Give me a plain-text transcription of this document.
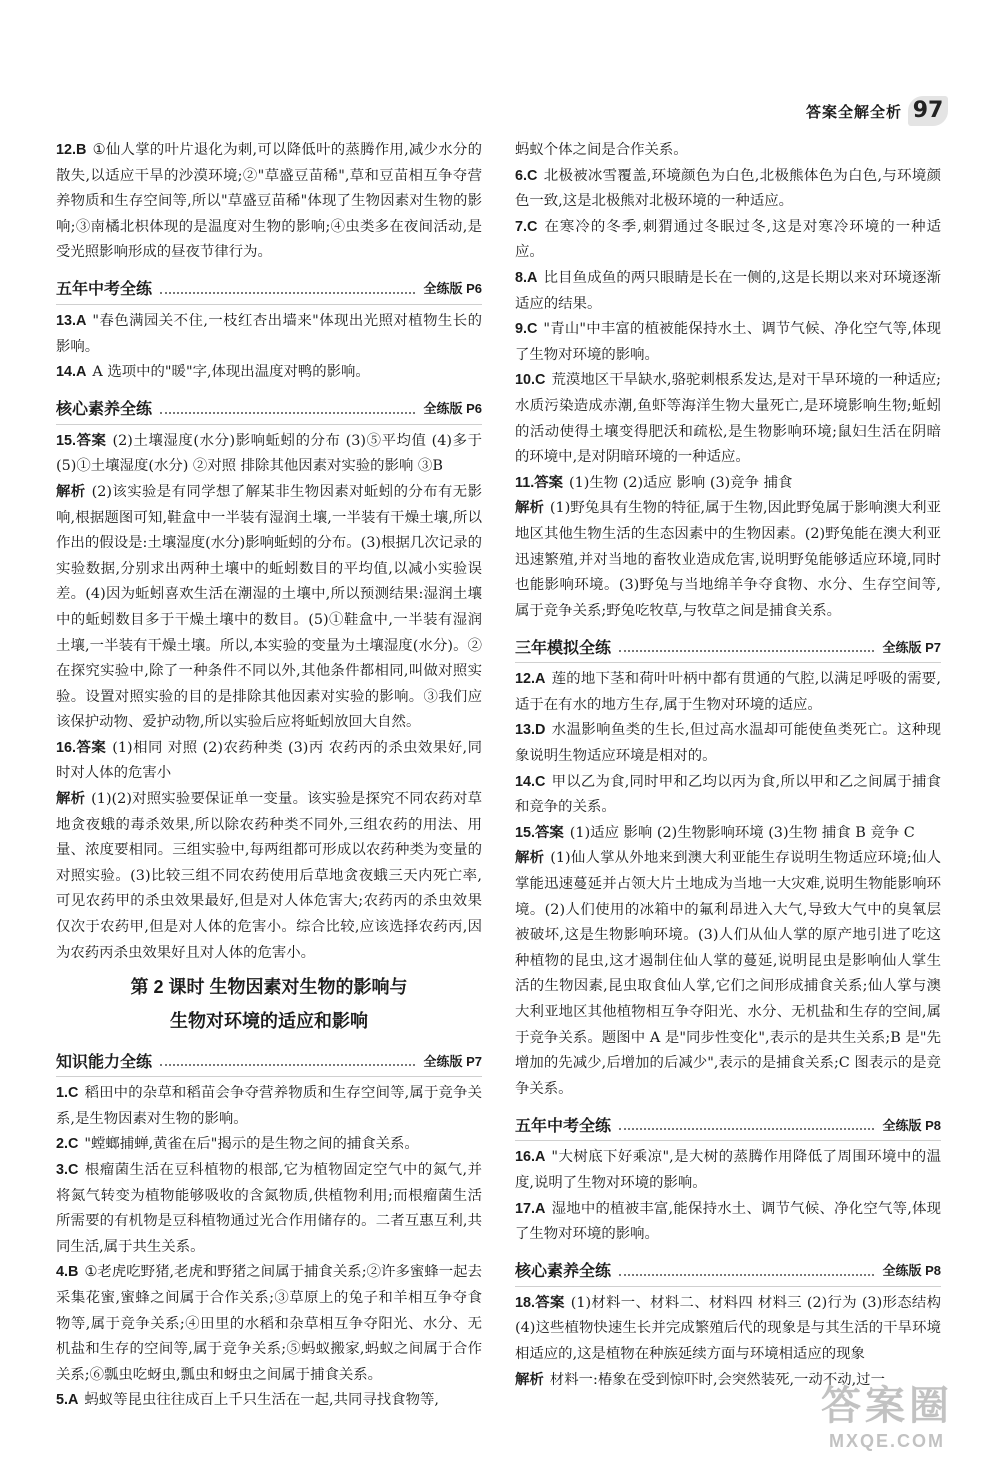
答案全解全析 97

12.B ①仙人掌的叶片退化为刺,可以降低叶的蒸腾作用,减少水分的散失,以适应干旱的沙漠环境;②"草盛豆苗稀",草和豆苗相互争夺营养物质和生存空间等,所以"草盛豆苗稀"体现了生物因素对生物的影响;③南橘北枳体现的是温度对生物的影响;④虫类多在夜间活动,是受光照影响形成的昼夜节律行为。

五年中考全练	全练版 P6

13.A "春色满园关不住,一枝红杏出墙来"体现出光照对植物生长的影响。

14.A A 选项中的"暖"字,体现出温度对鸭的影响。

核心素养全练	全练版 P6

15.答案 (2)土壤湿度(水分)影响蚯蚓的分布 (3)⑤平均值 (4)多于 (5)①土壤湿度(水分) ②对照 排除其他因素对实验的影响 ③B

解析 (2)该实验是有同学想了解某非生物因素对蚯蚓的分布有无影响,根据题图可知,鞋盒中一半装有湿润土壤,一半装有干燥土壤,所以作出的假设是:土壤湿度(水分)影响蚯蚓的分布。(3)根据几次记录的实验数据,分别求出两种土壤中的蚯蚓数目的平均值,以减小实验误差。(4)因为蚯蚓喜欢生活在潮湿的土壤中,所以预测结果:湿润土壤中的蚯蚓数目多于干燥土壤中的数目。(5)①鞋盒中,一半装有湿润土壤,一半装有干燥土壤。所以,本实验的变量为土壤湿度(水分)。②在探究实验中,除了一种条件不同以外,其他条件都相同,叫做对照实验。设置对照实验的目的是排除其他因素对实验的影响。③我们应该保护动物、爱护动物,所以实验后应将蚯蚓放回大自然。

16.答案 (1)相同 对照 (2)农药种类 (3)丙 农药丙的杀虫效果好,同时对人体的危害小

解析 (1)(2)对照实验要保证单一变量。该实验是探究不同农药对草地贪夜蛾的毒杀效果,所以除农药种类不同外,三组农药的用法、用量、浓度要相同。三组实验中,每两组都可形成以农药种类为变量的对照实验。(3)比较三组不同农药使用后草地贪夜蛾三天内死亡率,可见农药甲的杀虫效果最好,但是对人体危害大;农药丙的杀虫效果仅次于农药甲,但是对人体的危害小。综合比较,应该选择农药丙,因为农药丙杀虫效果好且对人体的危害小。

第 2 课时 生物因素对生物的影响与
生物对环境的适应和影响
知识能力全练	全练版 P7

1.C 稻田中的杂草和稻苗会争夺营养物质和生存空间等,属于竞争关系,是生物因素对生物的影响。

2.C "螳螂捕蝉,黄雀在后"揭示的是生物之间的捕食关系。

3.C 根瘤菌生活在豆科植物的根部,它为植物固定空气中的氮气,并将氮气转变为植物能够吸收的含氮物质,供植物利用;而根瘤菌生活所需要的有机物是豆科植物通过光合作用储存的。二者互惠互利,共同生活,属于共生关系。

4.B ①老虎吃野猪,老虎和野猪之间属于捕食关系;②许多蜜蜂一起去采集花蜜,蜜蜂之间属于合作关系;③草原上的兔子和羊相互争夺食物等,属于竞争关系;④田里的水稻和杂草相互争夺阳光、水分、无机盐和生存的空间等,属于竞争关系;⑤蚂蚁搬家,蚂蚁之间属于合作关系;⑥瓢虫吃蚜虫,瓢虫和蚜虫之间属于捕食关系。

5.A 蚂蚁等昆虫往往成百上千只生活在一起,共同寻找食物等,

蚂蚁个体之间是合作关系。

6.C 北极被冰雪覆盖,环境颜色为白色,北极熊体色为白色,与环境颜色一致,这是北极熊对北极环境的一种适应。

7.C 在寒冷的冬季,刺猬通过冬眠过冬,这是对寒冷环境的一种适应。

8.A 比目鱼成鱼的两只眼睛是长在一侧的,这是长期以来对环境逐渐适应的结果。

9.C "青山"中丰富的植被能保持水土、调节气候、净化空气等,体现了生物对环境的影响。

10.C 荒漠地区干旱缺水,骆驼刺根系发达,是对干旱环境的一种适应;水质污染造成赤潮,鱼虾等海洋生物大量死亡,是环境影响生物;蚯蚓的活动使得土壤变得肥沃和疏松,是生物影响环境;鼠妇生活在阴暗的环境中,是对阴暗环境的一种适应。

11.答案 (1)生物 (2)适应 影响 (3)竞争 捕食

解析 (1)野兔具有生物的特征,属于生物,因此野兔属于影响澳大利亚地区其他生物生活的生态因素中的生物因素。(2)野兔能在澳大利亚迅速繁殖,并对当地的畜牧业造成危害,说明野兔能够适应环境,同时也能影响环境。(3)野兔与当地绵羊争夺食物、水分、生存空间等,属于竞争关系;野兔吃牧草,与牧草之间是捕食关系。

三年模拟全练	全练版 P7

12.A 莲的地下茎和荷叶叶柄中都有贯通的气腔,以满足呼吸的需要,适于在有水的地方生存,属于生物对环境的适应。

13.D 水温影响鱼类的生长,但过高水温却可能使鱼类死亡。这种现象说明生物适应环境是相对的。

14.C 甲以乙为食,同时甲和乙均以丙为食,所以甲和乙之间属于捕食和竞争的关系。

15.答案 (1)适应 影响 (2)生物影响环境 (3)生物 捕食 B 竞争 C

解析 (1)仙人掌从外地来到澳大利亚能生存说明生物适应环境;仙人掌能迅速蔓延并占领大片土地成为当地一大灾难,说明生物能影响环境。(2)人们使用的冰箱中的氟利昂进入大气,导致大气中的臭氧层被破坏,这是生物影响环境。(3)人们从仙人掌的原产地引进了吃这种植物的昆虫,这才遏制住仙人掌的蔓延,说明昆虫是影响仙人掌生活的生物因素,昆虫取食仙人掌,它们之间形成捕食关系;仙人掌与澳大利亚地区其他植物相互争夺阳光、水分、无机盐和生存的空间,属于竞争关系。题图中 A 是"同步性变化",表示的是共生关系;B 是"先增加的先减少,后增加的后减少",表示的是捕食关系;C 图表示的是竞争关系。

五年中考全练	全练版 P8

16.A "大树底下好乘凉",是大树的蒸腾作用降低了周围环境中的温度,说明了生物对环境的影响。

17.A 湿地中的植被丰富,能保持水土、调节气候、净化空气等,体现了生物对环境的影响。

核心素养全练	全练版 P8

18.答案 (1)材料一、材料二、材料四 材料三 (2)行为 (3)形态结构 (4)这些植物快速生长并完成繁殖后代的现象是与其生活的干旱环境相适应的,这是植物在种族延续方面与环境相适应的现象

解析 材料一:椿象在受到惊吓时,会突然装死,一动不动,过一

答案圈
MXQE.COM
